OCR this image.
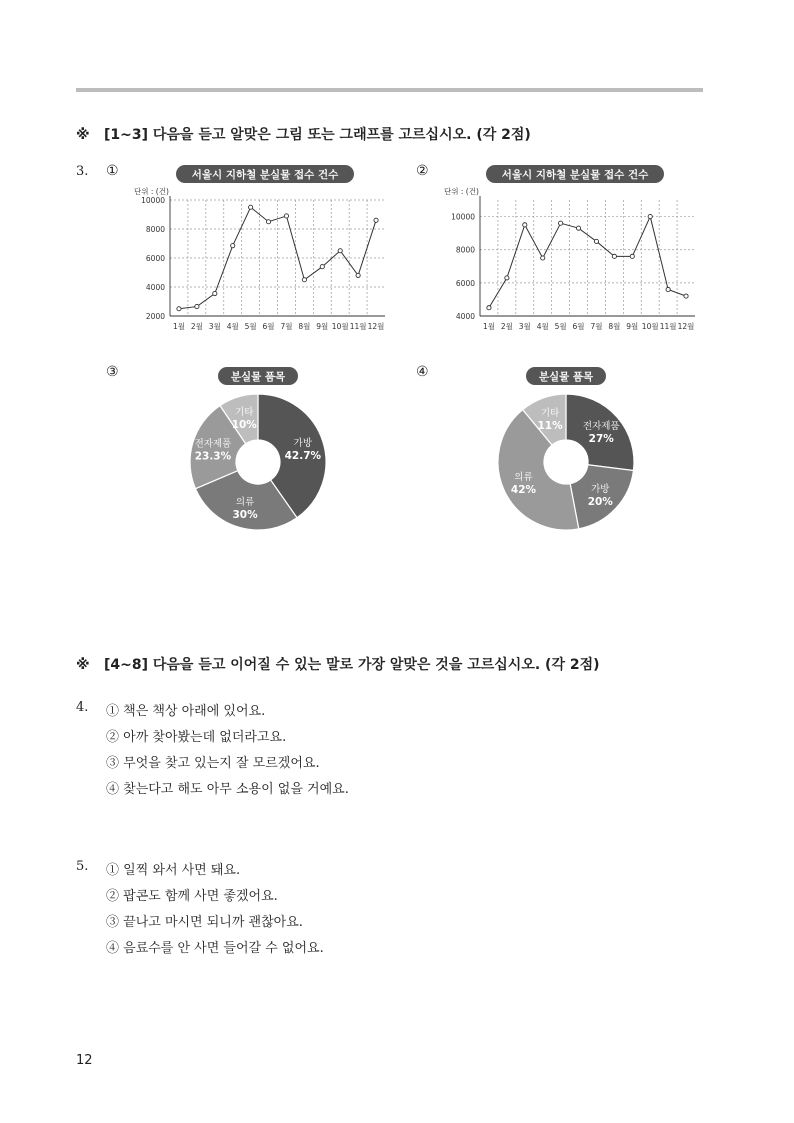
※ [1~3] 다음을 듣고 알맞은 그림 또는 그래프를 고르십시오. (각 2점)
3. ①	②
③	④
서울시 지하철 분실물 접수 건수
단위 : (건)
2000
4000
6000
8000
10000
1월 2월 3월 4월 5월 6월 7월 8월 9월 10월 11월 12월
서울시 지하철 분실물 접수 건수
단위 : (건)
4000
6000
8000
10000
1월 2월 3월 4월 5월 6월 7월 8월 9월 10월 11월 12월
분실물 품목
가방
42.7%
의류
30%
전자제품
23.3%
기타
10%
분실물 품목
전자제품
27%
가방
20%
의류
42%
기타
11%
※ [4~8] 다음을 듣고 이어질 수 있는 말로 가장 알맞은 것을 고르십시오. (각 2점)
4. ① 책은 책상 아래에 있어요.
② 아까 찾아봤는데 없더라고요.
③ 무엇을 찾고 있는지 잘 모르겠어요.
④ 찾는다고 해도 아무 소용이 없을 거예요.
5. ① 일찍 와서 사면 돼요.
② 팝콘도 함께 사면 좋겠어요.
③ 끝나고 마시면 되니까 괜찮아요.
④ 음료수를 안 사면 들어갈 수 없어요.
12
